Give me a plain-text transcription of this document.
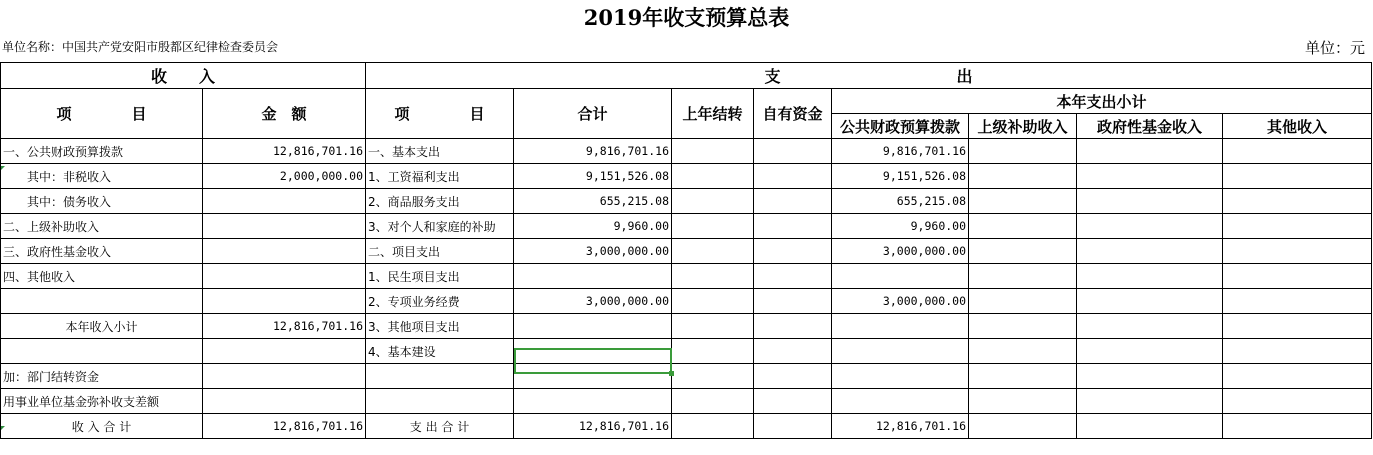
2019年收支预算总表
单位名称：中国共产党安阳市殷都区纪律检查委员会	单位：元
收　　入		支　　　　　　　　　　　出							
项　　　　目	金　额	项　　　　目	合计	上年结转	自有资金	本年支出小计			
						公共财政预算拨款	上级补助收入	政府性基金收入	其他收入
一、公共财政预算拨款	12,816,701.16	一、基本支出	9,816,701.16			9,816,701.16			
　　其中：非税收入	2,000,000.00	1、工资福利支出	9,151,526.08			9,151,526.08			
　　其中：债务收入		2、商品服务支出	655,215.08			655,215.08			
二、上级补助收入		3、对个人和家庭的补助	9,960.00			9,960.00			
三、政府性基金收入		二、项目支出	3,000,000.00			3,000,000.00			
四、其他收入		1、民生项目支出							
		2、专项业务经费	3,000,000.00			3,000,000.00			
本年收入小计	12,816,701.16	3、其他项目支出							
		4、基本建设							
加：部门结转资金									
用事业单位基金弥补收支差额									
收 入 合 计	12,816,701.16	支 出 合 计	12,816,701.16			12,816,701.16			
